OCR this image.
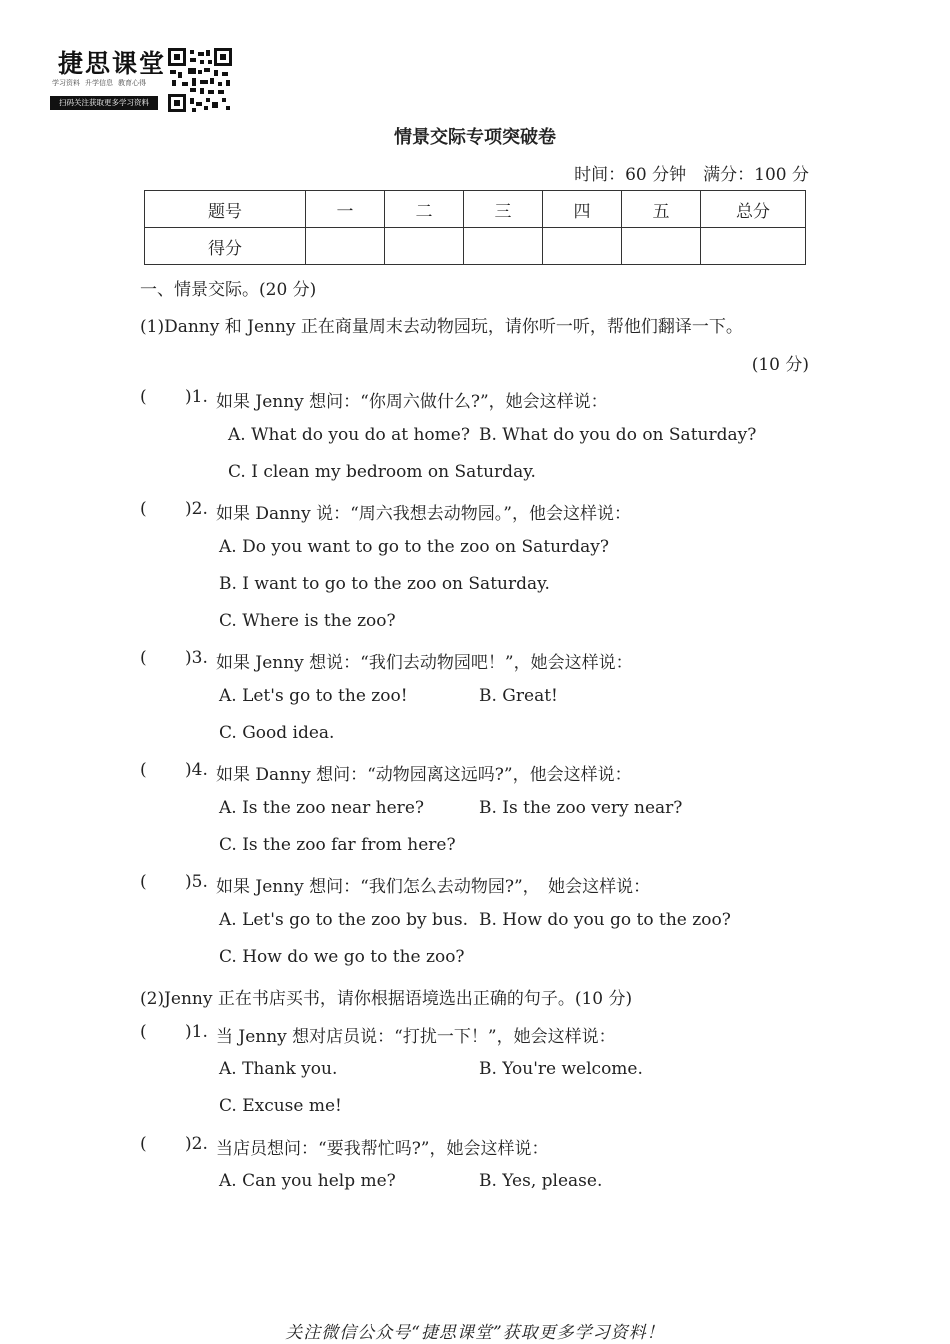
捷思课堂
学习资料 升学信息 教育心得
扫码关注获取更多学习资料
情景交际专项突破卷
时间：60 分钟　满分：100 分
题号	一	二	三	四	五	总分
得分						
一、情景交际。(20 分)
(1)Danny 和 Jenny 正在商量周末去动物园玩，请你听一听，帮他们翻译一下。
(10 分)
( )1. 如果 Jenny 想问：“你周六做什么?”，她会这样说：
A. What do you do at home? B. What do you do on Saturday?
C. I clean my bedroom on Saturday.
( )2. 如果 Danny 说：“周六我想去动物园。”，他会这样说：
A. Do you want to go to the zoo on Saturday?
B. I want to go to the zoo on Saturday.
C. Where is the zoo?
( )3. 如果 Jenny 想说：“我们去动物园吧！”，她会这样说：
A. Let's go to the zoo!	B. Great!
C. Good idea.
( )4. 如果 Danny 想问：“动物园离这远吗?”，他会这样说：
A. Is the zoo near here?	B. Is the zoo very near?
C. Is the zoo far from here?
( )5. 如果 Jenny 想问：“我们怎么去动物园?”，　她会这样说：
A. Let's go to the zoo by bus. B. How do you go to the zoo?
C. How do we go to the zoo?
(2)Jenny 正在书店买书，请你根据语境选出正确的句子。(10 分)
( )1. 当 Jenny 想对店员说：“打扰一下！”，她会这样说：
A. Thank you.	B. You're welcome.
C. Excuse me!
( )2. 当店员想问：“要我帮忙吗?”，她会这样说：
A. Can you help me?	B. Yes, please.
关注微信公众号“捷思课堂”获取更多学习资料！
